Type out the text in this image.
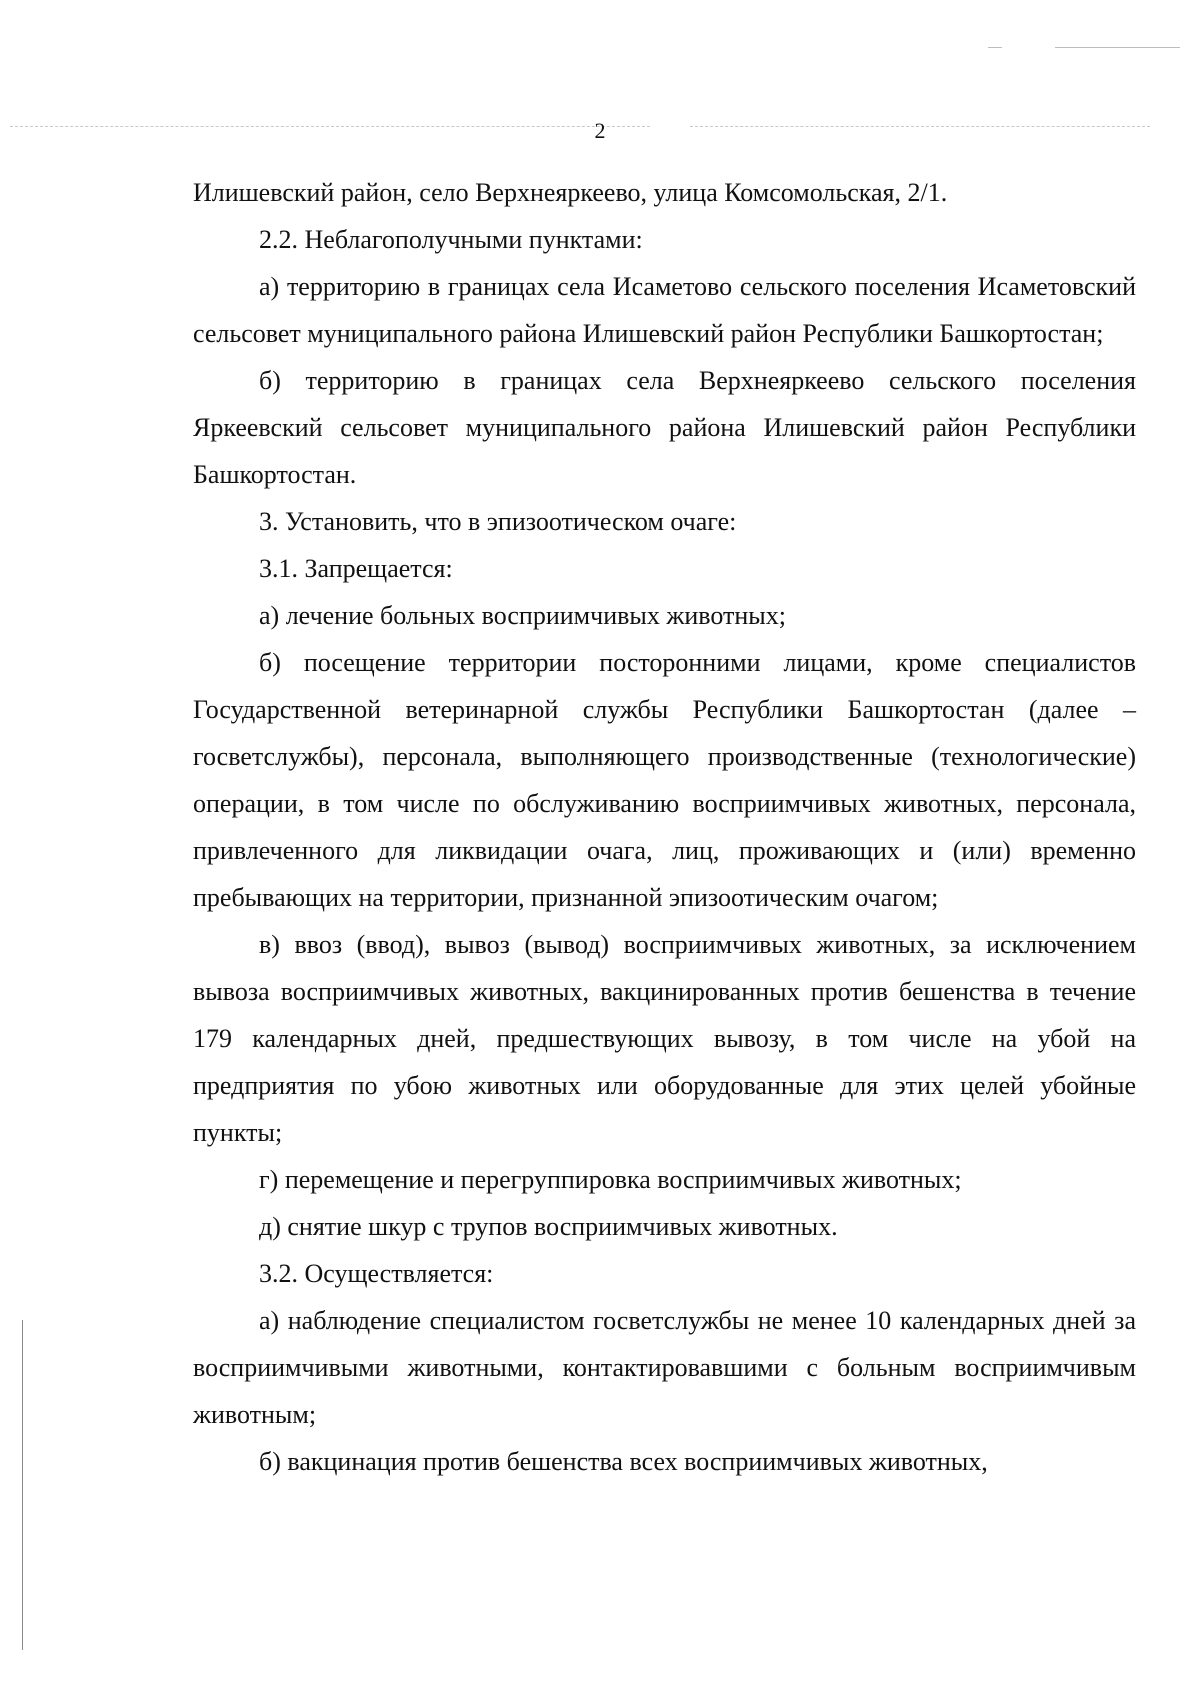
2

Илишевский район, село Верхнеяркеево, улица Комсомольская, 2/1.

2.2. Неблагополучными пунктами:

а) территорию в границах села Исаметово сельского поселения Исаметовский сельсовет муниципального района Илишевский район Республики Башкортостан;

б) территорию в границах села Верхнеяркеево сельского поселения Яркеевский сельсовет муниципального района Илишевский район Республики Башкортостан.

3. Установить, что в эпизоотическом очаге:

3.1. Запрещается:

а) лечение больных восприимчивых животных;

б) посещение территории посторонними лицами, кроме специалистов Государственной ветеринарной службы Республики Башкортостан (далее – госветслужбы), персонала, выполняющего производственные (технологические) операции, в том числе по обслуживанию восприимчивых животных, персонала, привлеченного для ликвидации очага, лиц, проживающих и (или) временно пребывающих на территории, признанной эпизоотическим очагом;

в) ввоз (ввод), вывоз (вывод) восприимчивых животных, за исключением вывоза восприимчивых животных, вакцинированных против бешенства в течение 179 календарных дней, предшествующих вывозу, в том числе на убой на предприятия по убою животных или оборудованные для этих целей убойные пункты;

г) перемещение и перегруппировка восприимчивых животных;

д) снятие шкур с трупов восприимчивых животных.

3.2. Осуществляется:

а) наблюдение специалистом госветслужбы не менее 10 календарных дней за восприимчивыми животными, контактировавшими с больным восприимчивым животным;

б) вакцинация против бешенства всех восприимчивых животных,
